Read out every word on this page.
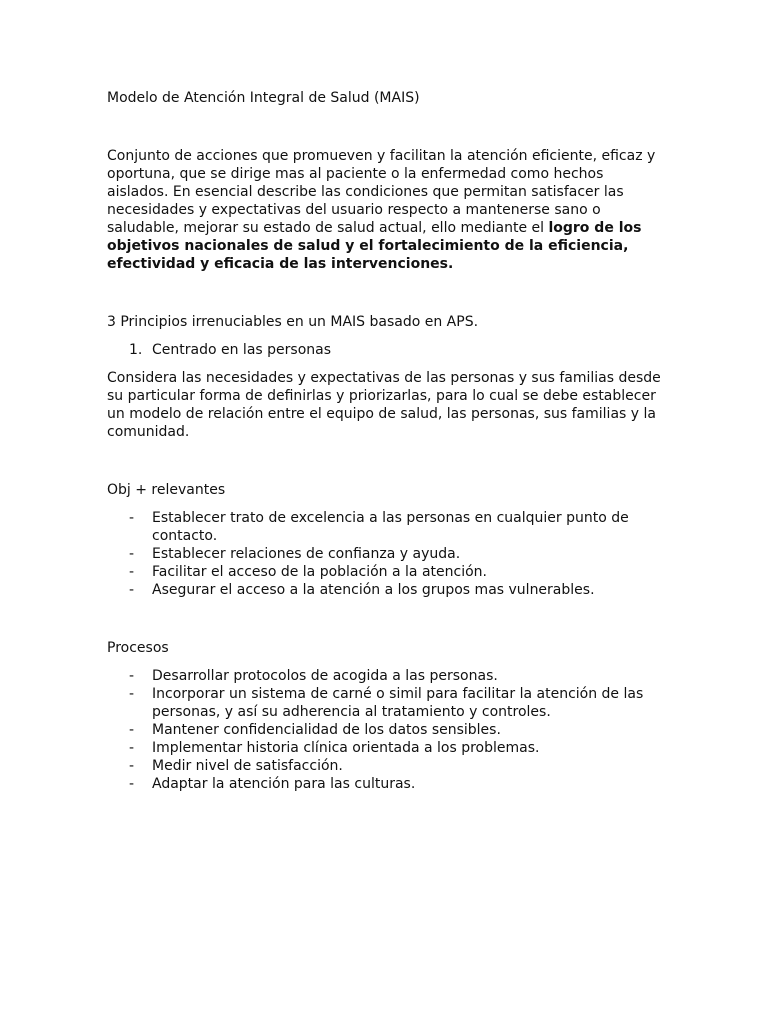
Modelo de Atención Integral de Salud (MAIS)

Conjunto de acciones que promueven y facilitan la atención eficiente, eficaz y oportuna, que se dirige mas al paciente o la enfermedad como hechos aislados. En esencial describe las condiciones que permitan satisfacer las necesidades y expectativas del usuario respecto a mantenerse sano o saludable, mejorar su estado de salud actual, ello mediante el logro de los objetivos nacionales de salud y el fortalecimiento de la eficiencia, efectividad y eficacia de las intervenciones.

3 Principios irrenuciables en un MAIS basado en APS.

1. Centrado en las personas

Considera las necesidades y expectativas de las personas y sus familias desde su particular forma de definirlas y priorizarlas, para lo cual se debe establecer un modelo de relación entre el equipo de salud, las personas, sus familias y la comunidad.

Obj + relevantes

- Establecer trato de excelencia a las personas en cualquier punto de contacto.
- Establecer relaciones de confianza y ayuda.
- Facilitar el acceso de la población a la atención.
- Asegurar el acceso a la atención a los grupos mas vulnerables.

Procesos

- Desarrollar protocolos de acogida a las personas.
- Incorporar un sistema de carné o simil para facilitar la atención de las personas, y así su adherencia al tratamiento y controles.
- Mantener confidencialidad de los datos sensibles.
- Implementar historia clínica orientada a los problemas.
- Medir nivel de satisfacción.
- Adaptar la atención para las culturas.
